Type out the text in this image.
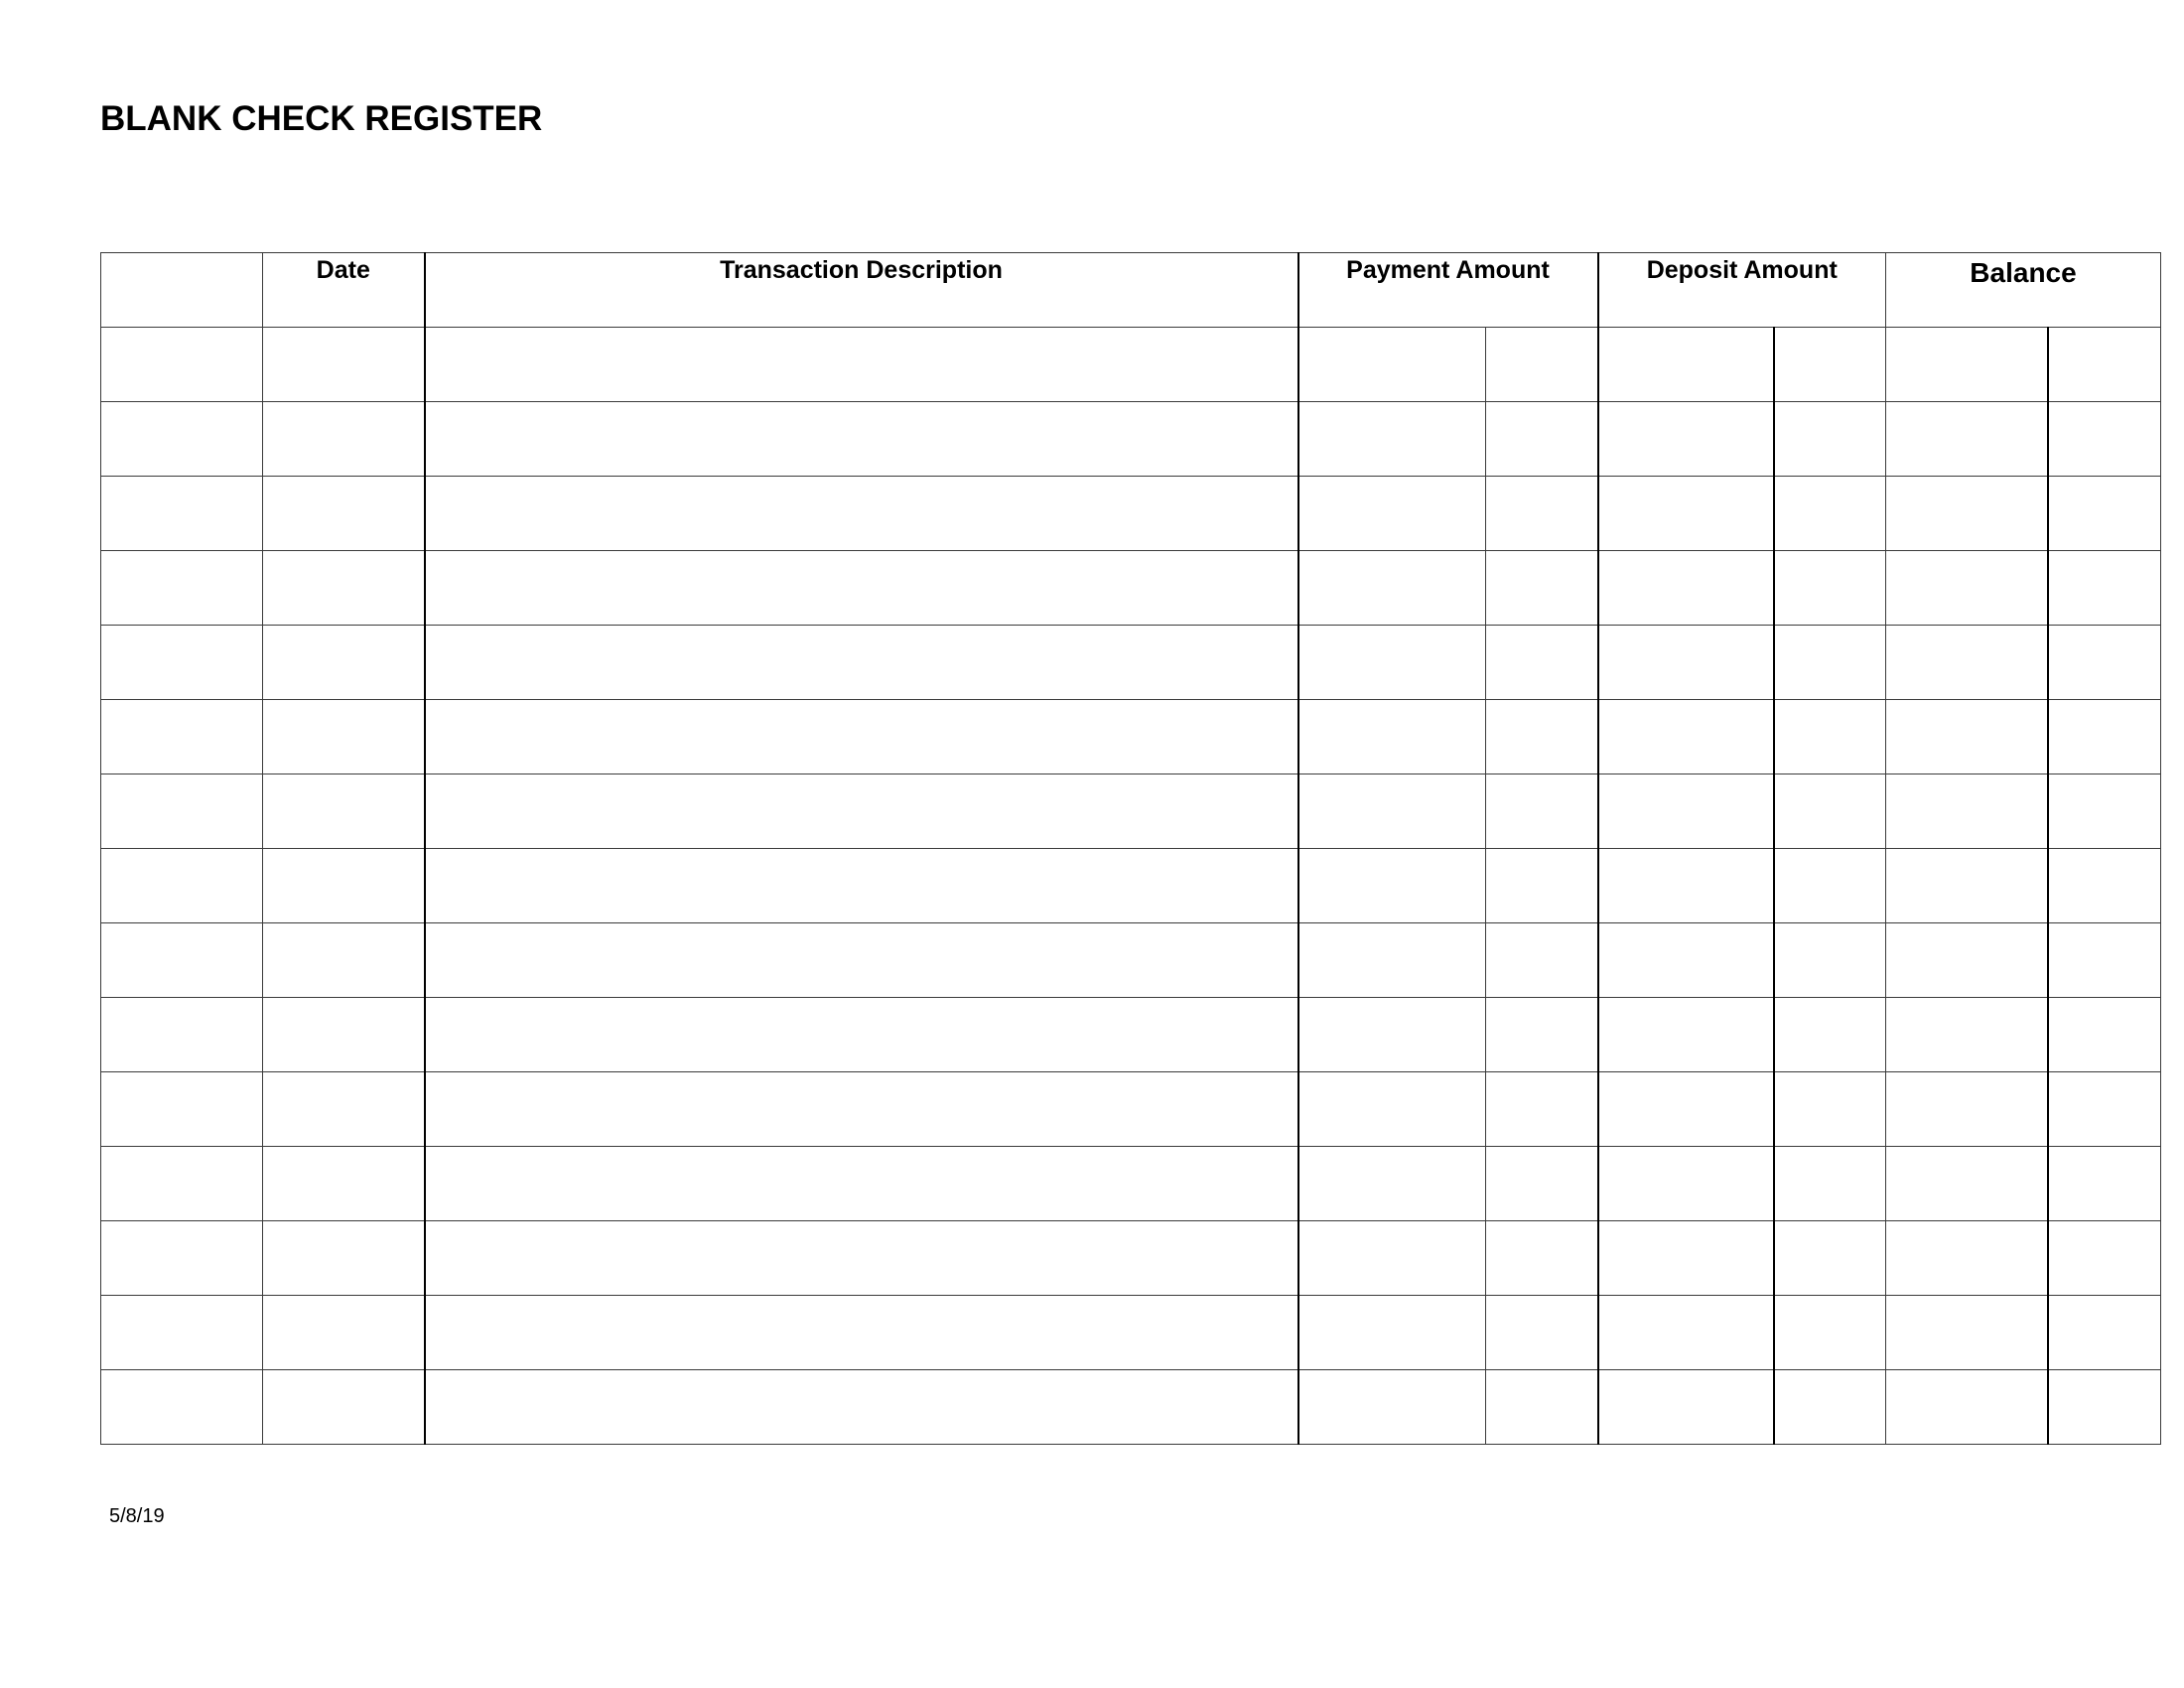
BLANK CHECK REGISTER
	Date	Transaction Description	Payment Amount		Deposit Amount		Balance	

5/8/19
